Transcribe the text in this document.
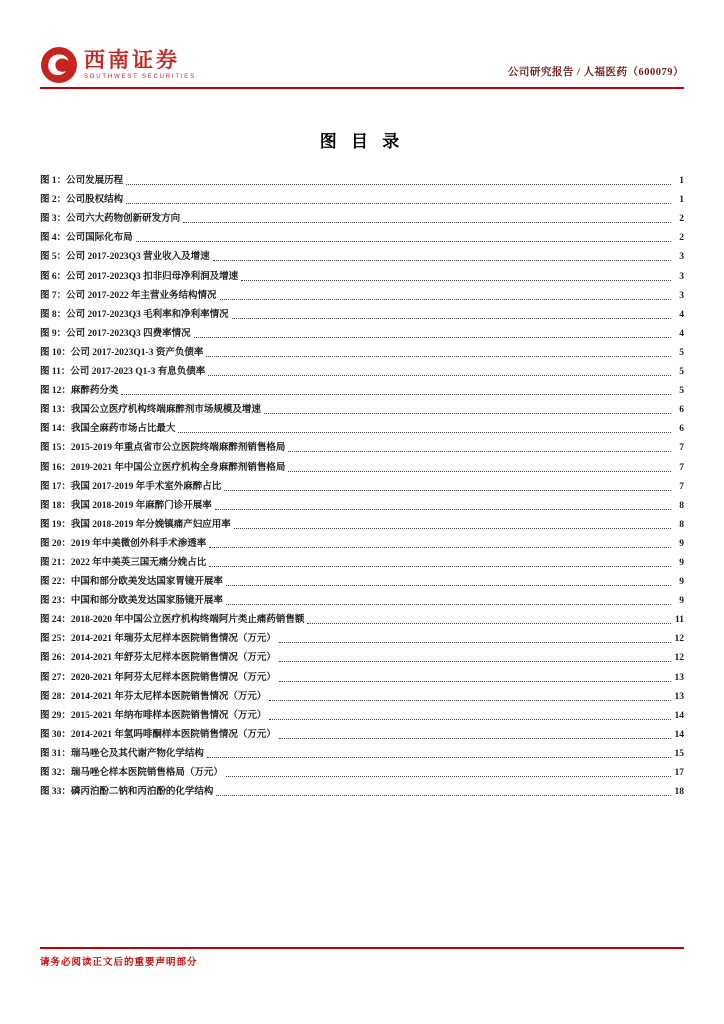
西南证券
SOUTHWEST SECURITIES	公司研究报告 / 人福医药（600079）
图 目 录
图 1：公司发展历程	1
图 2：公司股权结构	1
图 3：公司六大药物创新研发方向	2
图 4：公司国际化布局	2
图 5：公司 2017-2023Q3 营业收入及增速	3
图 6：公司 2017-2023Q3 扣非归母净利润及增速	3
图 7：公司 2017-2022 年主营业务结构情况	3
图 8：公司 2017-2023Q3 毛利率和净利率情况	4
图 9：公司 2017-2023Q3 四费率情况	4
图 10：公司 2017-2023Q1-3 资产负债率	5
图 11：公司 2017-2023 Q1-3 有息负债率	5
图 12：麻醉药分类	5
图 13：我国公立医疗机构终端麻醉剂市场规模及增速	6
图 14：我国全麻药市场占比最大	6
图 15：2015-2019 年重点省市公立医院终端麻醉剂销售格局	7
图 16：2019-2021 年中国公立医疗机构全身麻醉剂销售格局	7
图 17：我国 2017-2019 年手术室外麻醉占比	7
图 18：我国 2018-2019 年麻醉门诊开展率	8
图 19：我国 2018-2019 年分娩镇痛产妇应用率	8
图 20：2019 年中美微创外科手术渗透率	9
图 21：2022 年中美英三国无痛分娩占比	9
图 22：中国和部分欧美发达国家胃镜开展率	9
图 23：中国和部分欧美发达国家肠镜开展率	9
图 24：2018-2020 年中国公立医疗机构终端阿片类止痛药销售额	11
图 25：2014-2021 年瑞芬太尼样本医院销售情况（万元）	12
图 26：2014-2021 年舒芬太尼样本医院销售情况（万元）	12
图 27：2020-2021 年阿芬太尼样本医院销售情况（万元）	13
图 28：2014-2021 年芬太尼样本医院销售情况（万元）	13
图 29：2015-2021 年纳布啡样本医院销售情况（万元）	14
图 30：2014-2021 年氢吗啡酮样本医院销售情况（万元）	14
图 31：瑞马唑仑及其代谢产物化学结构	15
图 32：瑞马唑仑样本医院销售格局（万元）	17
图 33：磷丙泊酚二钠和丙泊酚的化学结构	18
请务必阅读正文后的重要声明部分
